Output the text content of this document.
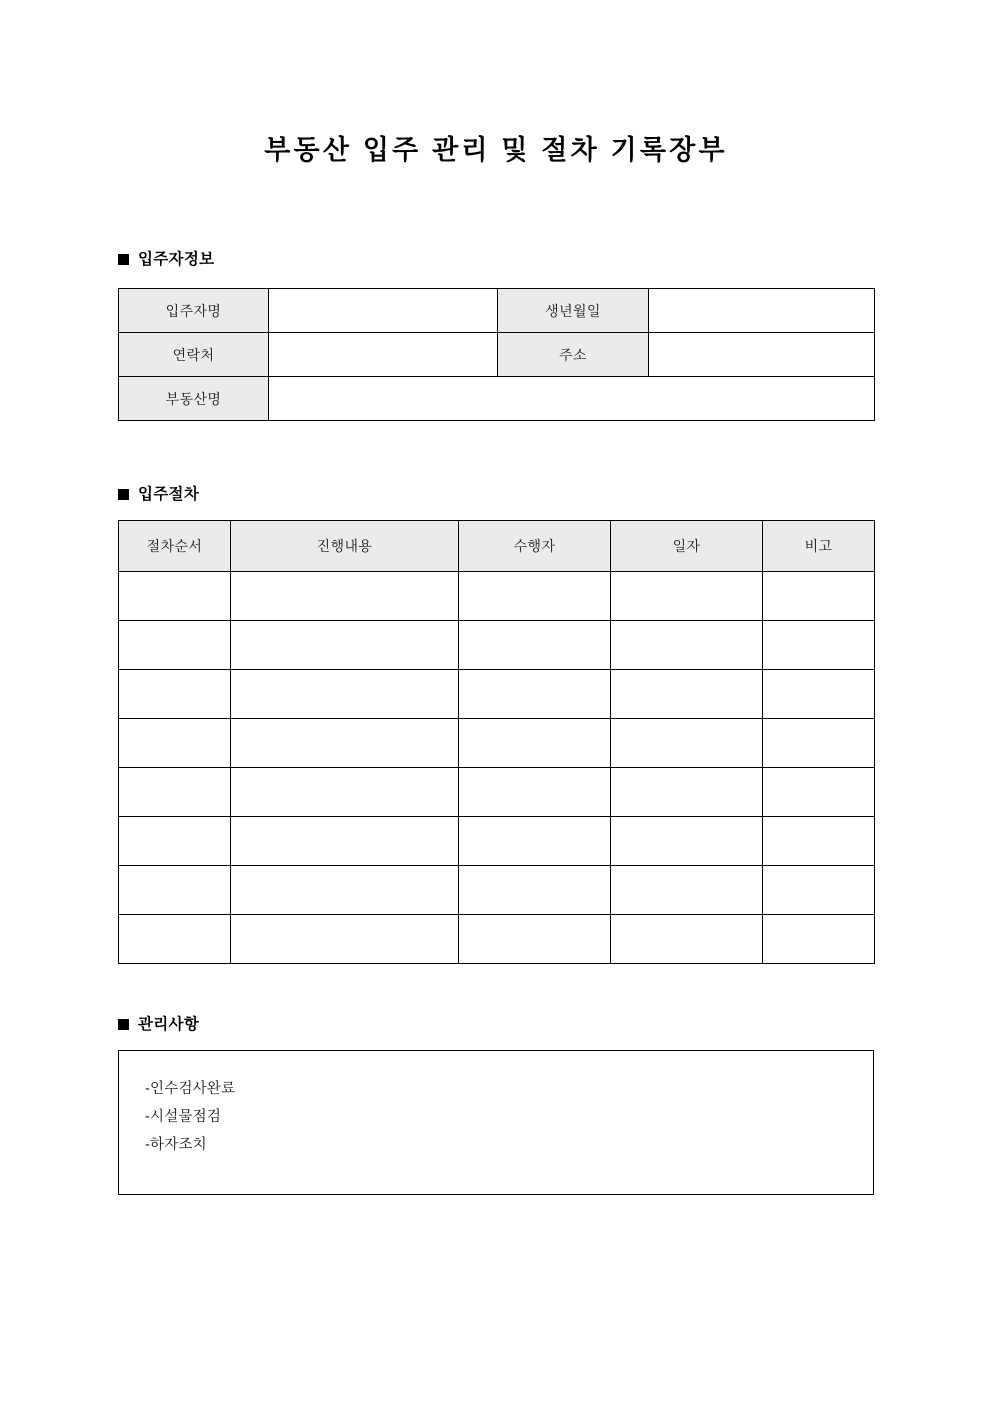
부동산 입주 관리 및 절차 기록장부
입주자정보
입주자명		생년월일	
연락처		주소	
부동산명			
입주절차
절차순서	진행내용	수행자	일자	비고

관리사항
-인수검사완료
-시설물점검
-하자조치
